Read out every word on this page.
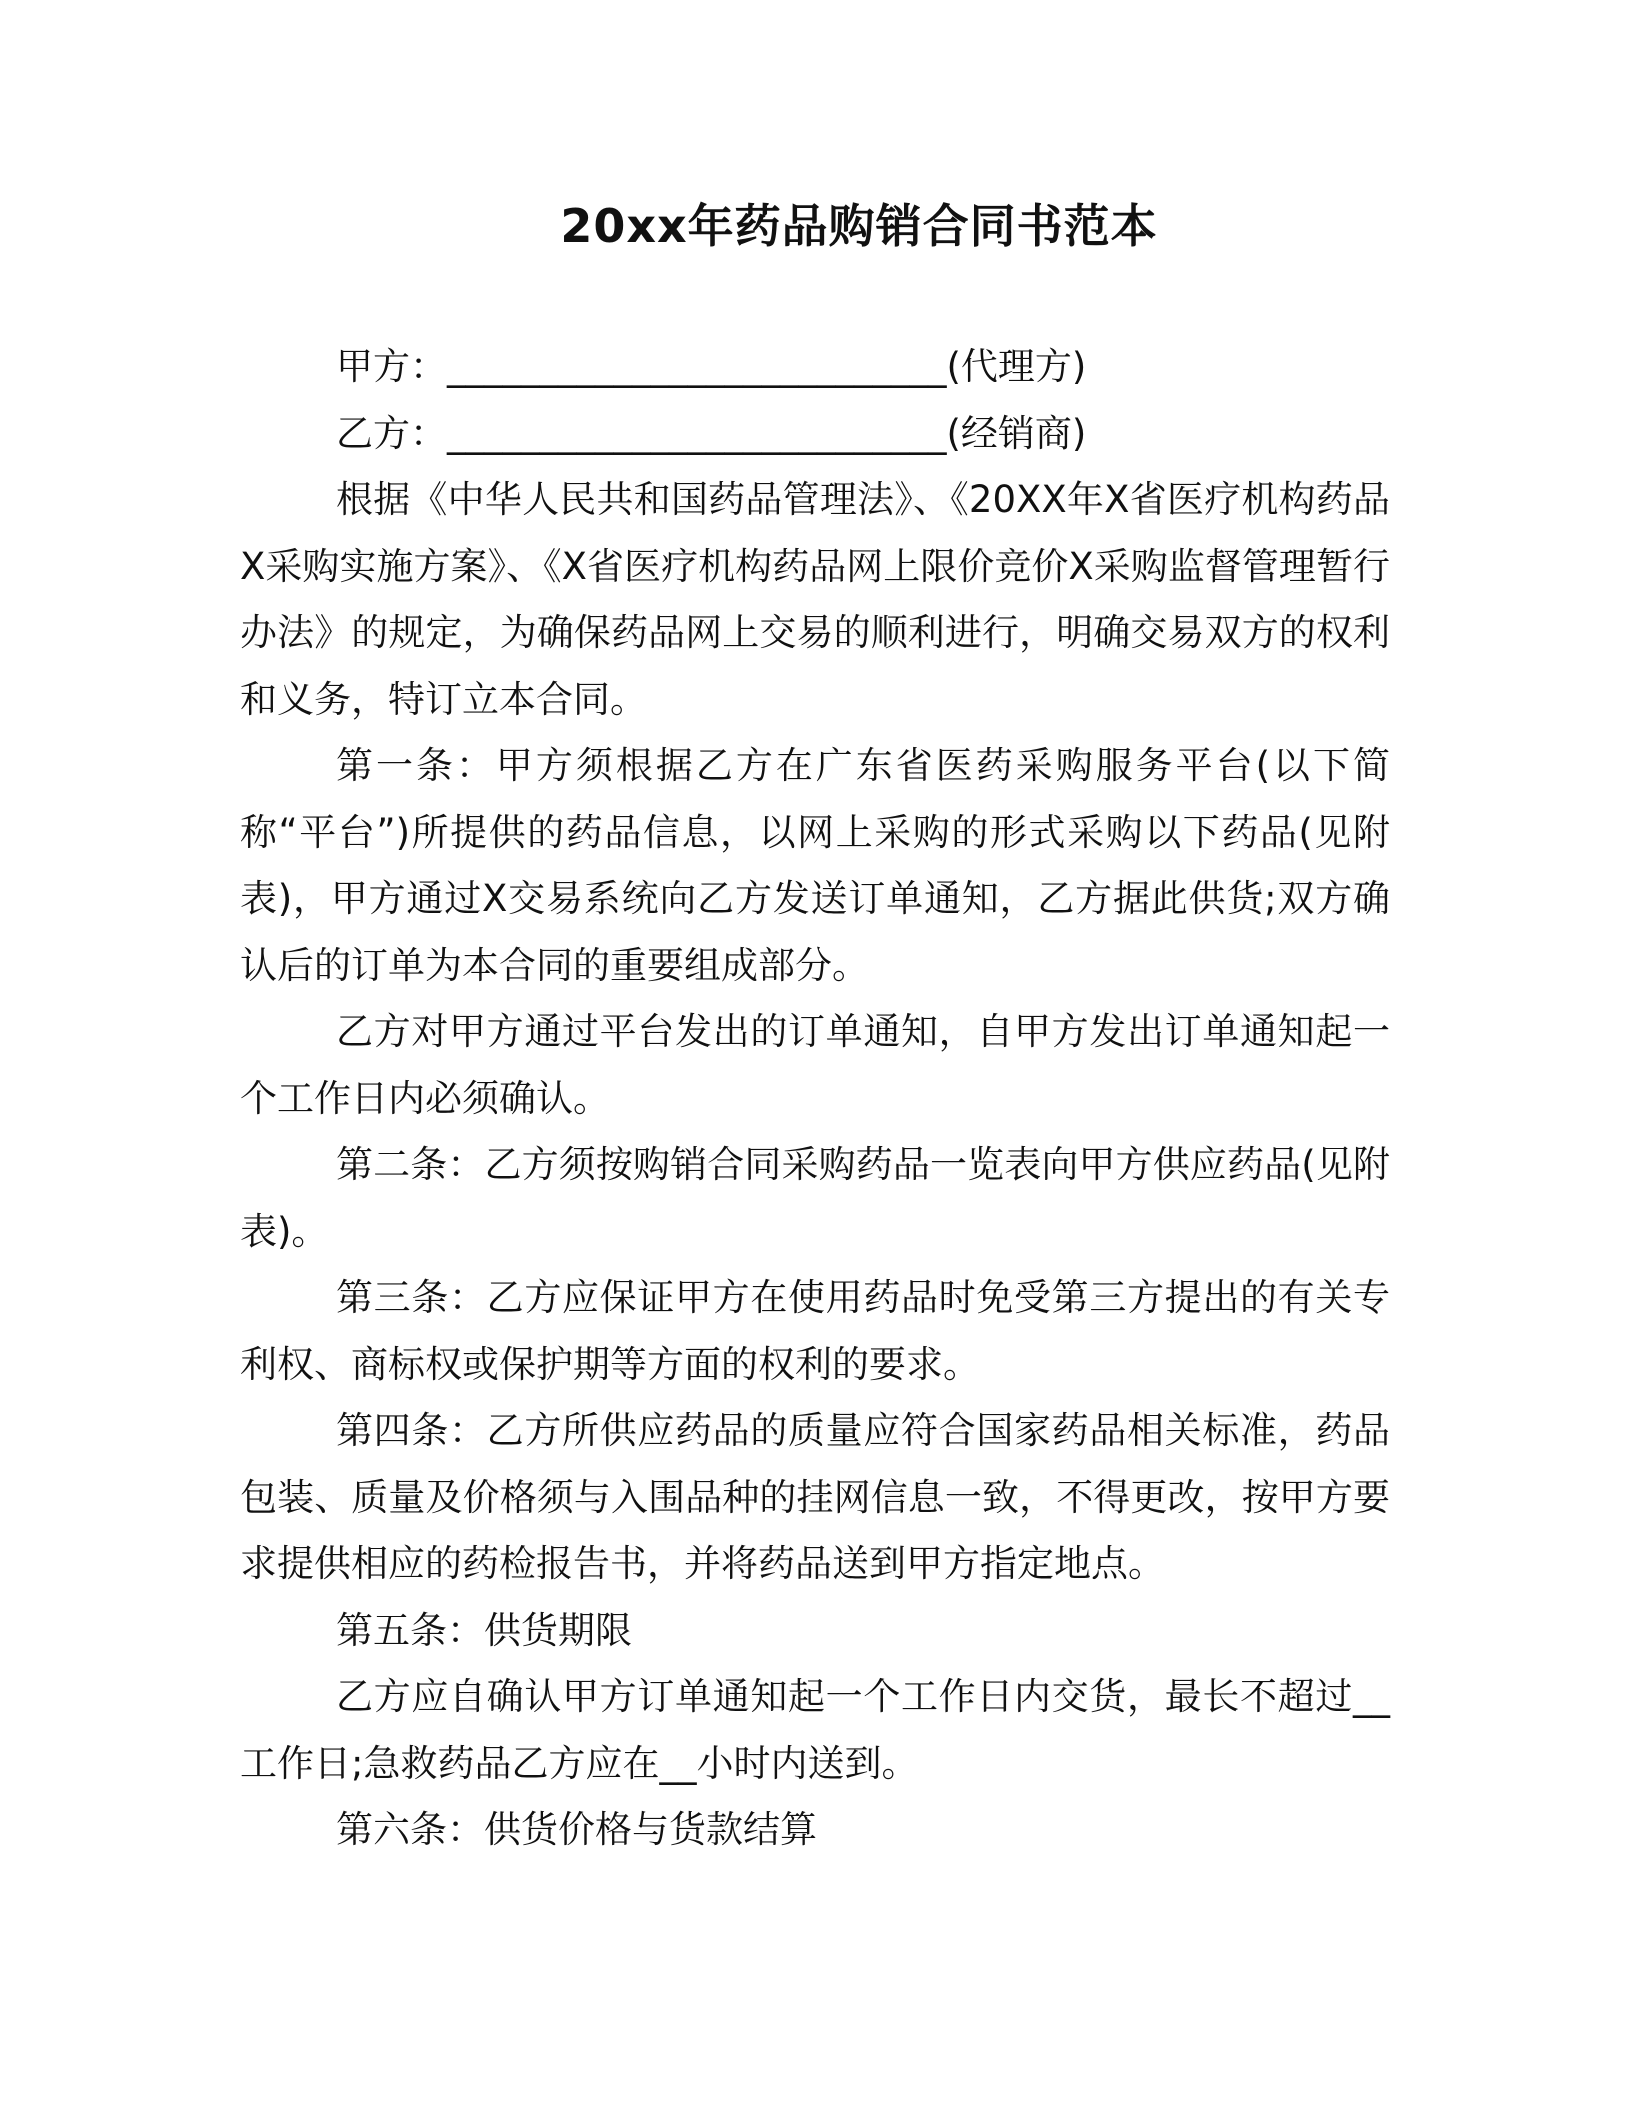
20xx年药品购销合同书范本

甲方：___________________________(代理方)

乙方：___________________________(经销商)

根据《中华人民共和国药品管理法》、《20XX年X省医疗机构药品X采购实施方案》、《X省医疗机构药品网上限价竞价X采购监督管理暂行办法》的规定，为确保药品网上交易的顺利进行，明确交易双方的权利和义务，特订立本合同。

第一条：甲方须根据乙方在广东省医药采购服务平台(以下简称“平台”)所提供的药品信息，以网上采购的形式采购以下药品(见附表)，甲方通过X交易系统向乙方发送订单通知，乙方据此供货;双方确认后的订单为本合同的重要组成部分。

乙方对甲方通过平台发出的订单通知，自甲方发出订单通知起一个工作日内必须确认。

第二条：乙方须按购销合同采购药品一览表向甲方供应药品(见附表)。

第三条：乙方应保证甲方在使用药品时免受第三方提出的有关专利权、商标权或保护期等方面的权利的要求。

第四条：乙方所供应药品的质量应符合国家药品相关标准，药品包装、质量及价格须与入围品种的挂网信息一致，不得更改，按甲方要求提供相应的药检报告书，并将药品送到甲方指定地点。

第五条：供货期限

乙方应自确认甲方订单通知起一个工作日内交货，最长不超过__工作日;急救药品乙方应在__小时内送到。

第六条：供货价格与货款结算
